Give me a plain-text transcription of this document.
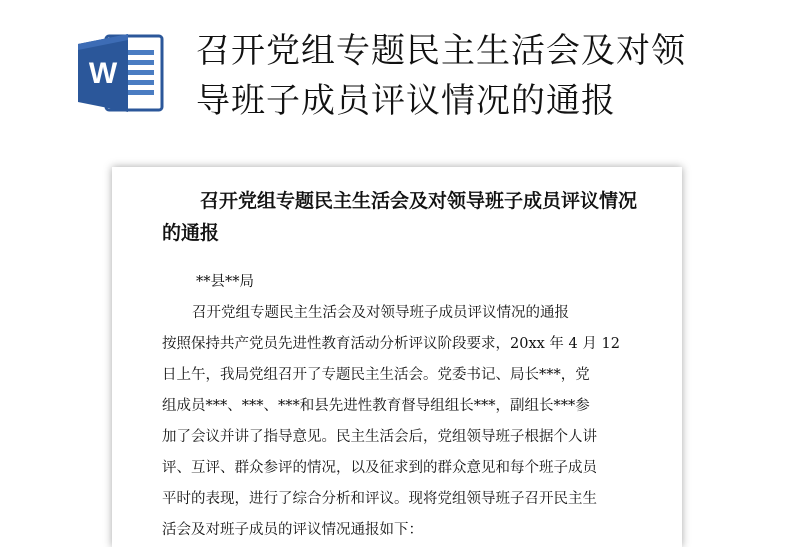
W
召开党组专题民主生活会及对领
导班子成员评议情况的通报

召开党组专题民主生活会及对领导班子成员评议情况的通报

**县**局

召开党组专题民主生活会及对领导班子成员评议情况的通报

按照保持共产党员先进性教育活动分析评议阶段要求，20xx 年 4 月 12

日上午，我局党组召开了专题民主生活会。党委书记、局长***，党

组成员***、***、***和县先进性教育督导组组长***，副组长***参

加了会议并讲了指导意见。民主生活会后，党组领导班子根据个人讲

评、互评、群众参评的情况，以及征求到的群众意见和每个班子成员

平时的表现，进行了综合分析和评议。现将党组领导班子召开民主生

活会及对班子成员的评议情况通报如下：
